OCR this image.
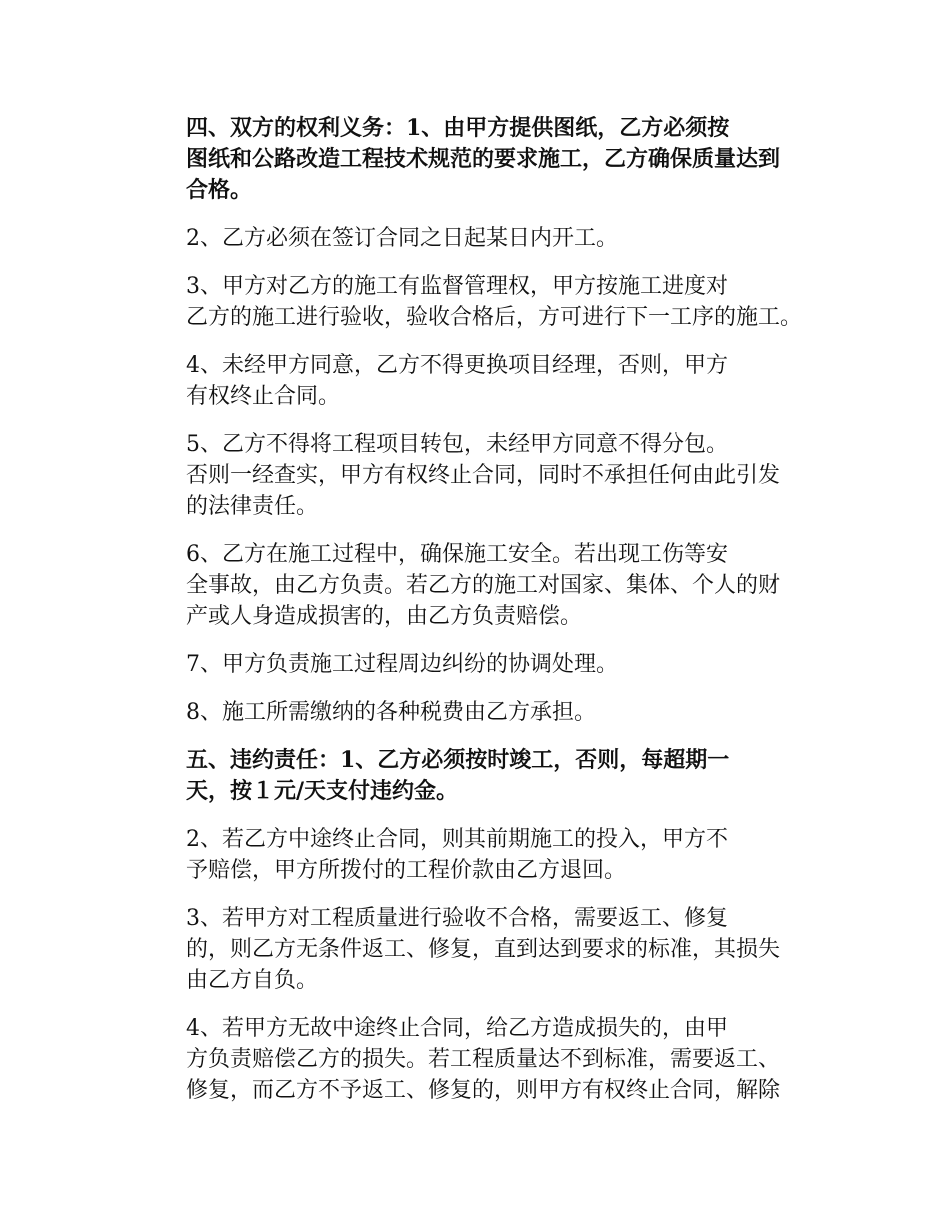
四、双方的权利义务：1、由甲方提供图纸，乙方必须按
图纸和公路改造工程技术规范的要求施工，乙方确保质量达到
合格。

2、乙方必须在签订合同之日起某日内开工。

3、甲方对乙方的施工有监督管理权，甲方按施工进度对
乙方的施工进行验收，验收合格后，方可进行下一工序的施工。

4、未经甲方同意，乙方不得更换项目经理，否则，甲方
有权终止合同。

5、乙方不得将工程项目转包，未经甲方同意不得分包。
否则一经查实，甲方有权终止合同，同时不承担任何由此引发
的法律责任。

6、乙方在施工过程中，确保施工安全。若出现工伤等安
全事故，由乙方负责。若乙方的施工对国家、集体、个人的财
产或人身造成损害的，由乙方负责赔偿。

7、甲方负责施工过程周边纠纷的协调处理。

8、施工所需缴纳的各种税费由乙方承担。

五、违约责任：1、乙方必须按时竣工，否则，每超期一
天，按１元/天支付违约金。

2、若乙方中途终止合同，则其前期施工的投入，甲方不
予赔偿，甲方所拨付的工程价款由乙方退回。

3、若甲方对工程质量进行验收不合格，需要返工、修复
的，则乙方无条件返工、修复，直到达到要求的标准，其损失
由乙方自负。

4、若甲方无故中途终止合同，给乙方造成损失的，由甲
方负责赔偿乙方的损失。若工程质量达不到标准，需要返工、
修复，而乙方不予返工、修复的，则甲方有权终止合同，解除
